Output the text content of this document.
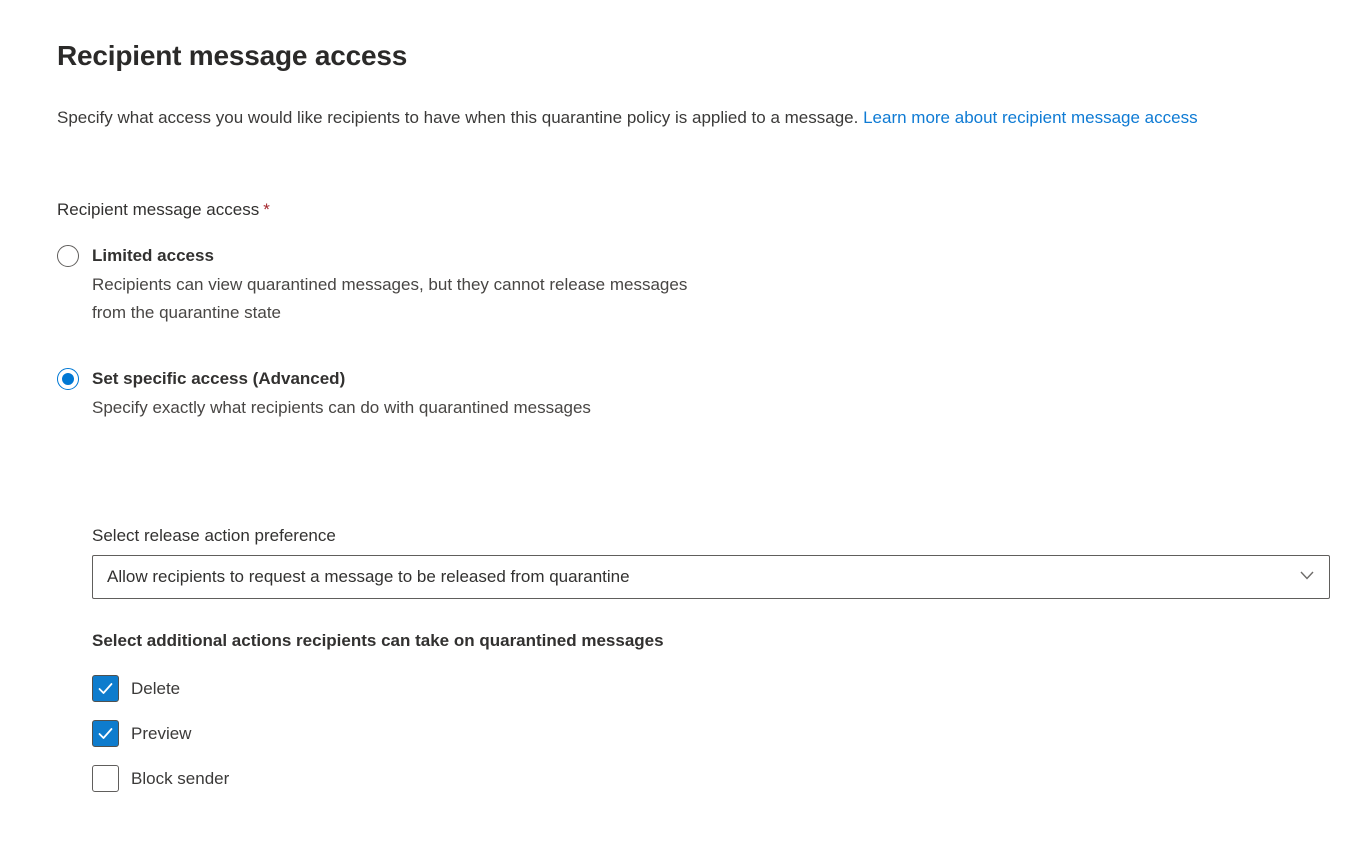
Recipient message access

Specify what access you would like recipients to have when this quarantine policy is applied to a message. Learn more about recipient message access

Recipient message access *
Limited access
Recipients can view quarantined messages, but they cannot release messages
from the quarantine state
Set specific access (Advanced)
Specify exactly what recipients can do with quarantined messages
Select release action preference
Allow recipients to request a message to be released from quarantine
Select additional actions recipients can take on quarantined messages
Delete
Preview
Block sender
